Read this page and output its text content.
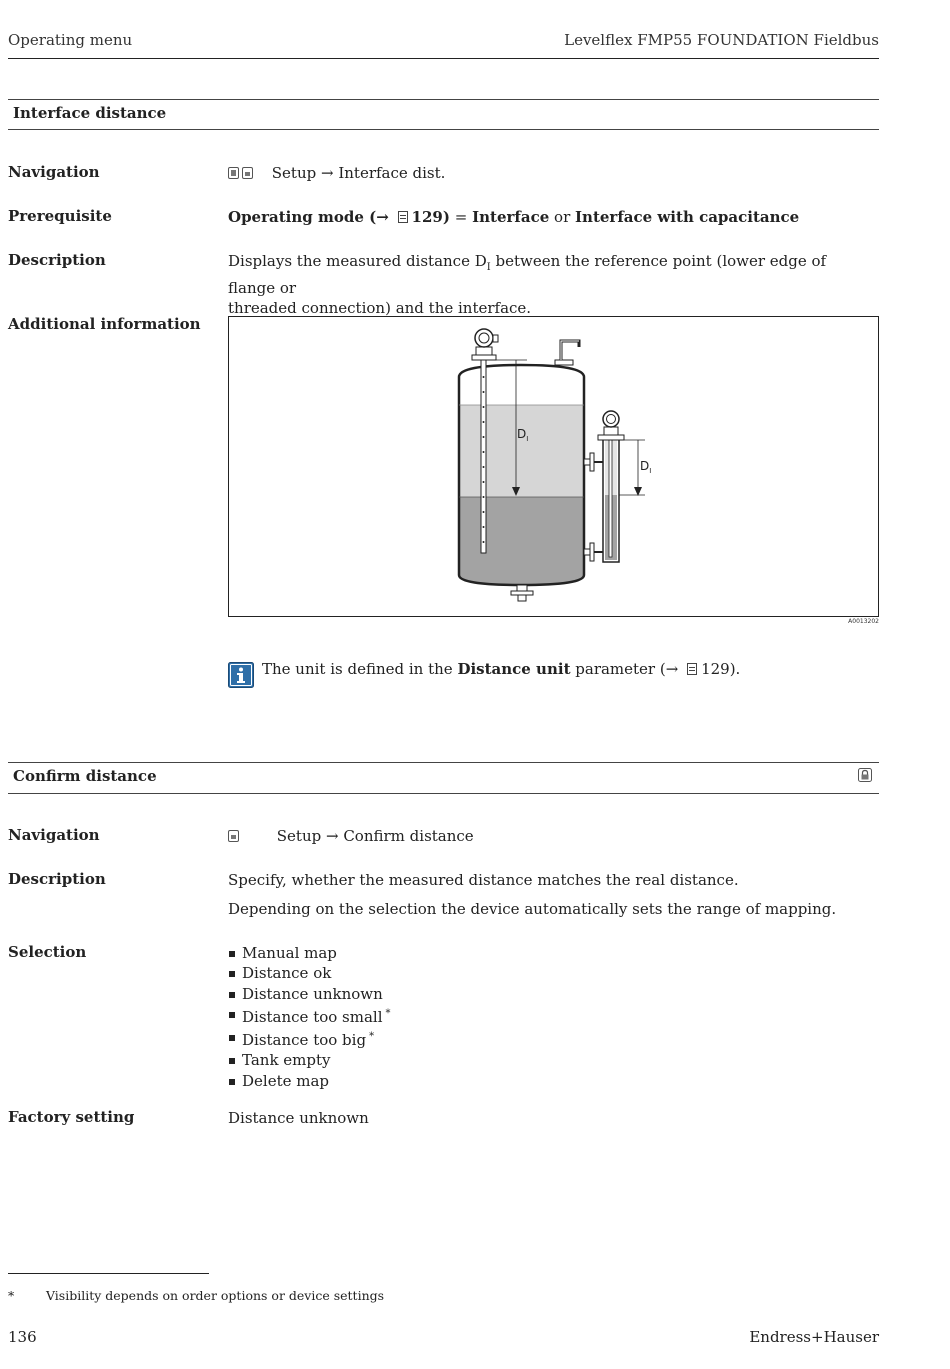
Operating menu	Levelflex FMP55 FOUNDATION Fieldbus
Interface distance
Navigation	Setup → Interface dist.
Prerequisite	Operating mode (→ 129) = Interface or Interface with capacitance
Description	Displays the measured distance $D_I$ between the reference point (lower edge of flange or
threaded connection) and the interface.
Additional information
$D_I$
$D_I$
A0013202
The unit is defined in the Distance unit parameter (→ 129).
Confirm distance
Navigation	Setup → Confirm distance
Description	Specify, whether the measured distance matches the real distance.
Depending on the selection the device automatically sets the range of mapping.
Selection	Manual map
Distance ok
Distance unknown
Distance too small *
Distance too big *
Tank empty
Delete map
Factory setting	Distance unknown
*	Visibility depends on order options or device settings
136	Endress+Hauser
